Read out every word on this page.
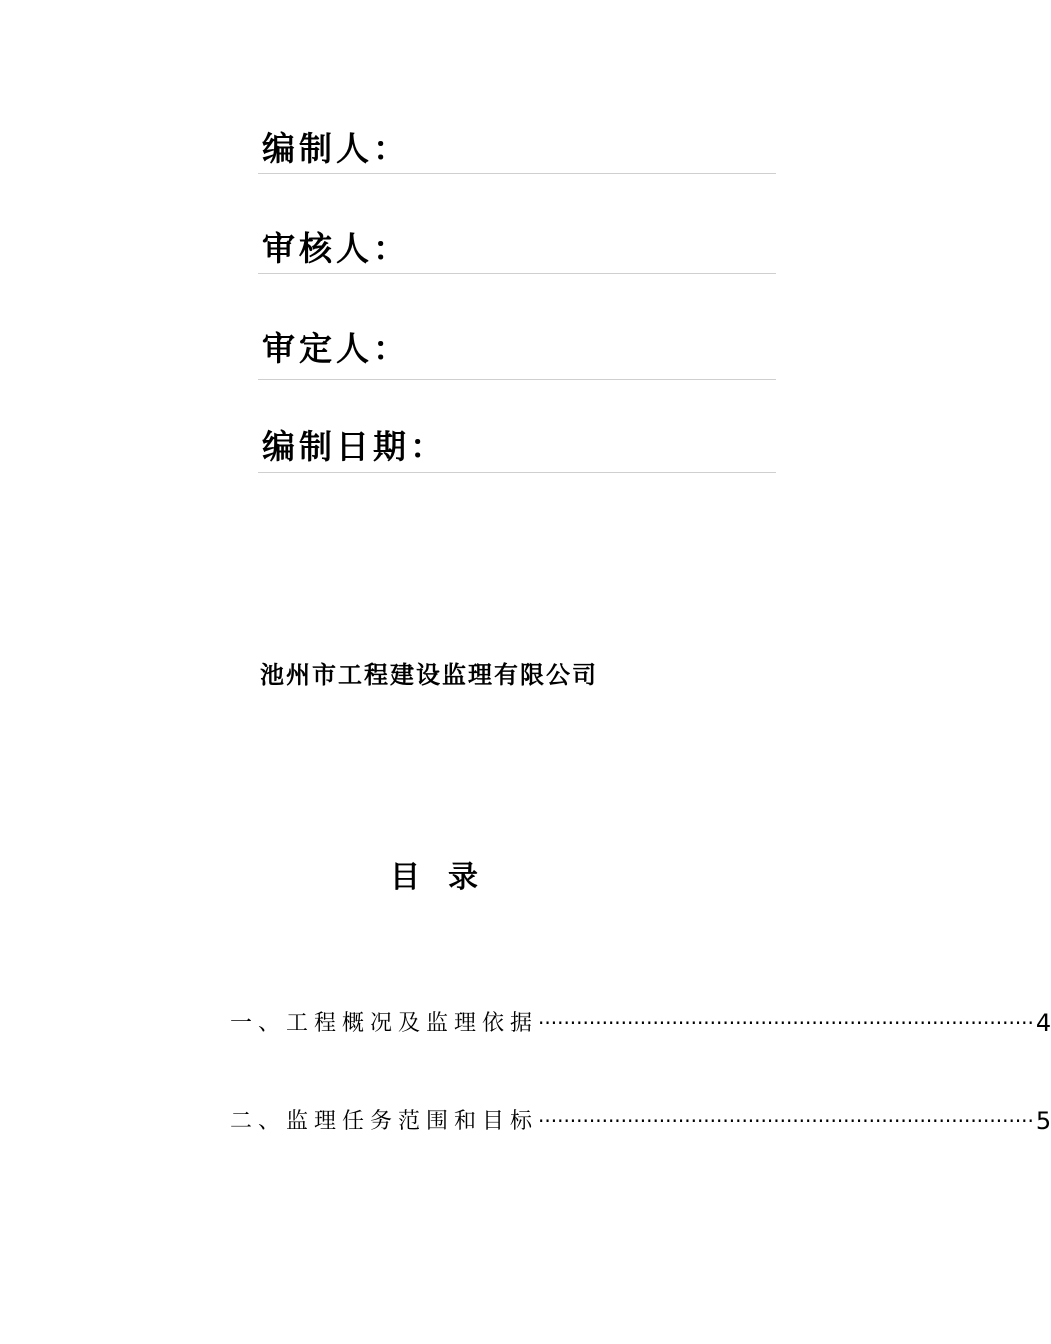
编制人：
审核人：
审定人：
编制日期：
池州市工程建设监理有限公司
目录
一、工程概况及监理依据 ·············································································· 4
二、监理任务范围和目标 ·············································································· 5
